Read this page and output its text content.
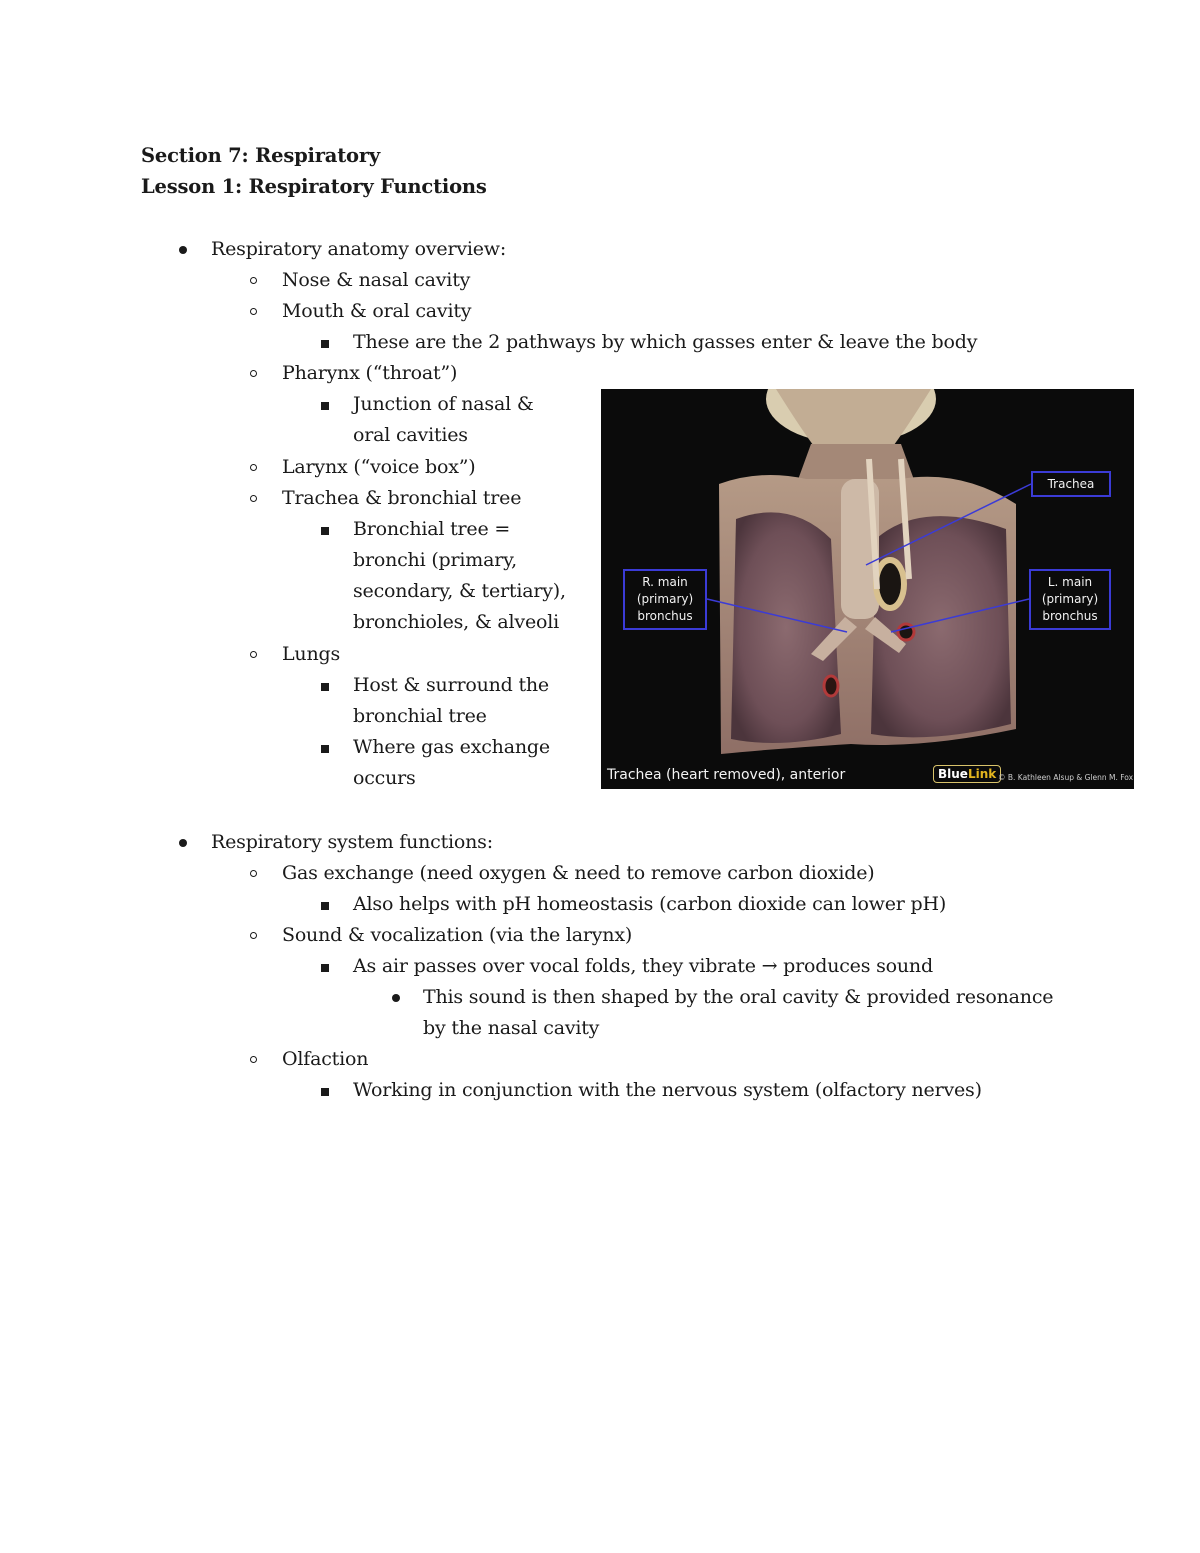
Section 7: Respiratory
Lesson 1: Respiratory Functions
Respiratory anatomy overview:
Nose & nasal cavity
Mouth & oral cavity
These are the 2 pathways by which gasses enter & leave the body
Pharynx (“throat”)
Junction of nasal &
oral cavities
Larynx (“voice box”)
Trachea & bronchial tree
Bronchial tree =
bronchi (primary,
secondary, & tertiary),
bronchioles, & alveoli
Lungs
Host & surround the
bronchial tree
Where gas exchange
occurs
Trachea
R. main
(primary)
bronchus
L. main
(primary)
bronchus
Trachea (heart removed), anterior	BlueLink © B. Kathleen Alsup & Glenn M. Fox
Respiratory system functions:
Gas exchange (need oxygen & need to remove carbon dioxide)
Also helps with pH homeostasis (carbon dioxide can lower pH)
Sound & vocalization (via the larynx)
As air passes over vocal folds, they vibrate → produces sound
This sound is then shaped by the oral cavity & provided resonance
by the nasal cavity
Olfaction
Working in conjunction with the nervous system (olfactory nerves)
